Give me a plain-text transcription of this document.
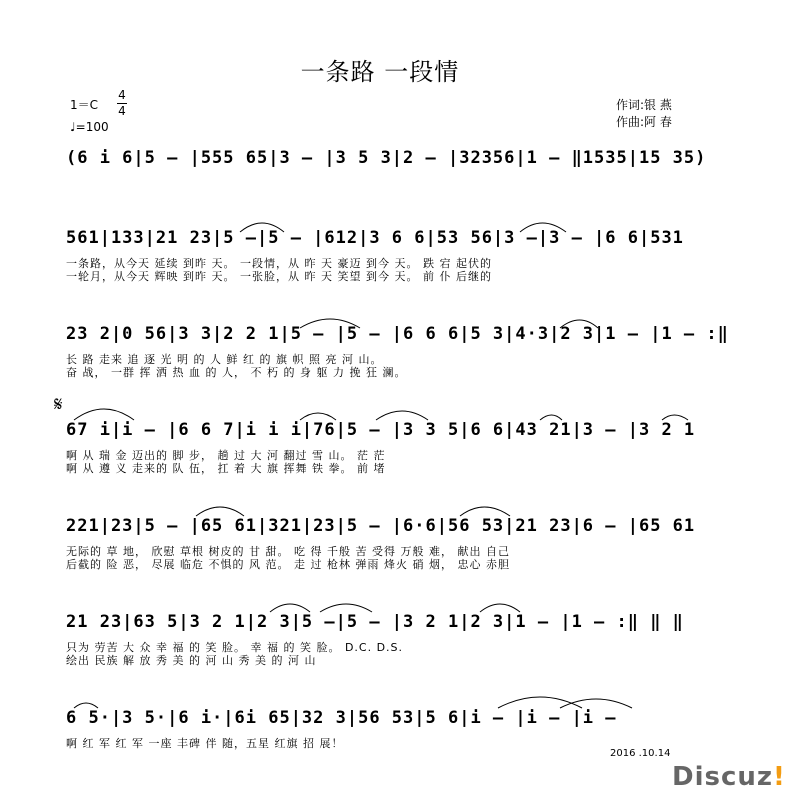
一条路 一段情
1＝C
4
4
♩=100
作词:银 燕
作曲:阿 春
(6 i 6|5 – |555 65|3 – |3 5 3|2 – |32356|1 – ‖1535|15 35)
561|133|21 23|5 –|5 – |612|3 6 6|53 56|3 –|3 – |6 6|531
一条路，从今天 延续 到昨 天。 一段情，从 昨 天 豪迈 到今 天。 跌 宕 起伏的
一轮月，从今天 辉映 到昨 天。 一张脸，从 昨 天 笑望 到今 天。 前 仆 后继的
23 2|0 56|3 3|2 2 1|5 – |5 – |6 6 6|5 3|4·3|2 3|1 – |1 – :‖
长 路 走来 追 逐 光 明 的 人 鲜 红 的 旗 帜 照 亮 河 山。
奋 战， 一群 挥 洒 热 血 的 人， 不 朽 的 身 躯 力 挽 狂 澜。
𝄋
67 i|i – |6 6 7|i i i|76|5 – |3 3 5|6 6|43 21|3 – |3 2 1
啊 从 瑞 金 迈出的 脚 步， 趟 过 大 河 翻过 雪 山。 茫 茫
啊 从 遵 义 走来的 队 伍， 扛 着 大 旗 挥舞 铁 拳。 前 堵
221|23|5 – |65 61|321|23|5 – |6·6|56 53|21 23|6 – |65 61
无际的 草 地， 欣慰 草根 树皮的 甘 甜。 吃 得 千般 苦 受得 万般 难， 献出 自己
后截的 险 恶， 尽展 临危 不惧的 风 范。 走 过 枪林 弹雨 烽火 硝 烟， 忠心 赤胆
21 23|63 5|3 2 1|2 3|5 –|5 – |3 2 1|2 3|1 – |1 – :‖ ‖ ‖
只为 劳苦 大 众 幸 福 的 笑 脸。 幸 福 的 笑 脸。 D.C. D.S.
绘出 民族 解 放 秀 美 的 河 山 秀 美 的 河 山
6 5·|3 5·|6 i·|6i 65|32 3|56 53|5 6|i – |i – |i –
啊 红 军 红 军 一座 丰碑 伴 随，五星 红旗 招 展！
2016 .10.14
Discuz!
